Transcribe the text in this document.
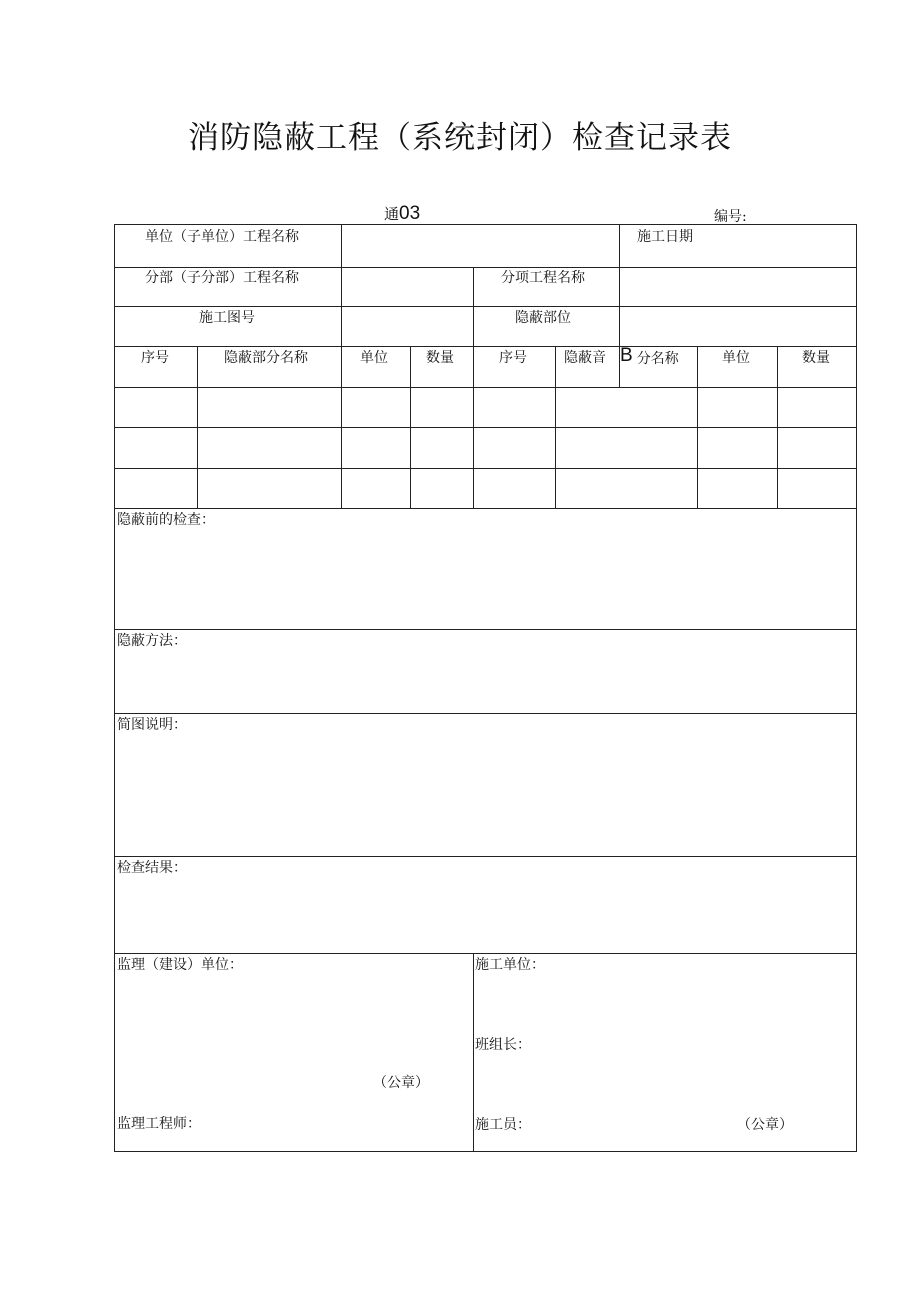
消防隐蔽工程（系统封闭）检查记录表
通03	编号:
单位（子单位）工程名称	施工日期
分部（子分部）工程名称	分项工程名称
施工图号	隐蔽部位
序号	隐蔽部分名称	单位	数量	序号	隐蔽音 B 分名称	单位	数量
隐蔽前的检查：
隐蔽方法：
简图说明：
检查结果：
监理（建设）单位：
（公章）
监理工程师：
施工单位：
班组长：
施工员：	（公章）
